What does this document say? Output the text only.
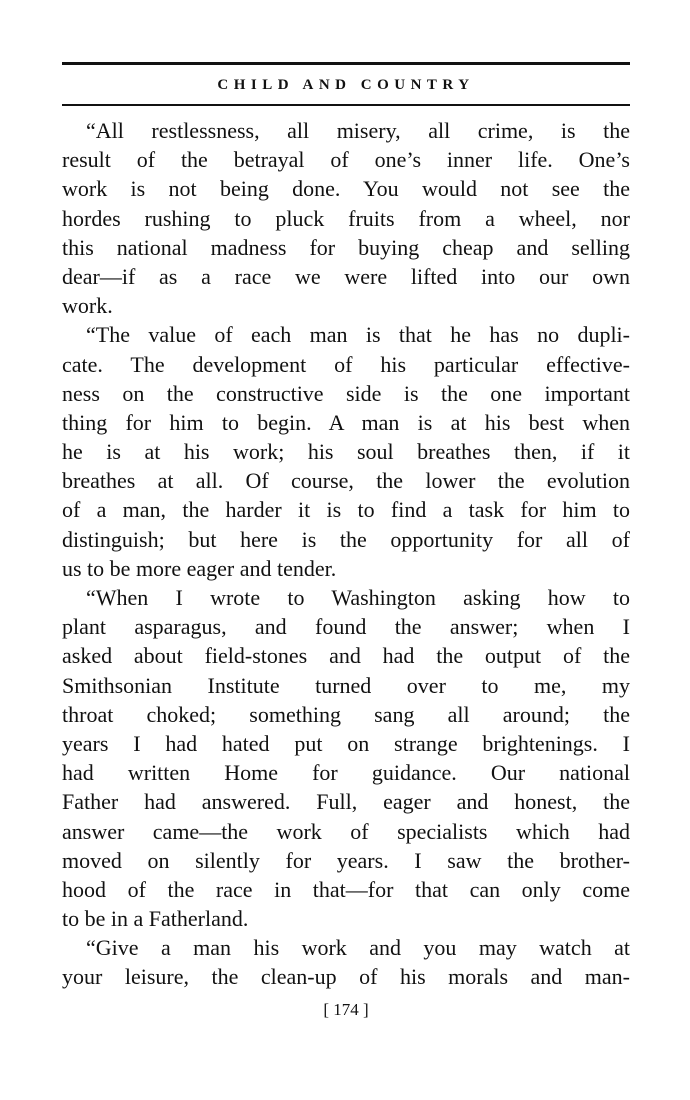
CHILD AND COUNTRY
“All restlessness, all misery, all crime, is the
result of the betrayal of one’s inner life. One’s
work is not being done. You would not see the
hordes rushing to pluck fruits from a wheel, nor
this national madness for buying cheap and selling
dear—if as a race we were lifted into our own
work.
“The value of each man is that he has no dupli-
cate. The development of his particular effective-
ness on the constructive side is the one important
thing for him to begin. A man is at his best when
he is at his work; his soul breathes then, if it
breathes at all. Of course, the lower the evolution
of a man, the harder it is to find a task for him to
distinguish; but here is the opportunity for all of
us to be more eager and tender.
“When I wrote to Washington asking how to
plant asparagus, and found the answer; when I
asked about field-stones and had the output of the
Smithsonian Institute turned over to me, my
throat choked; something sang all around; the
years I had hated put on strange brightenings. I
had written Home for guidance. Our national
Father had answered. Full, eager and honest, the
answer came—the work of specialists which had
moved on silently for years. I saw the brother-
hood of the race in that—for that can only come
to be in a Fatherland.
“Give a man his work and you may watch at
your leisure, the clean-up of his morals and man-
[ 174 ]
